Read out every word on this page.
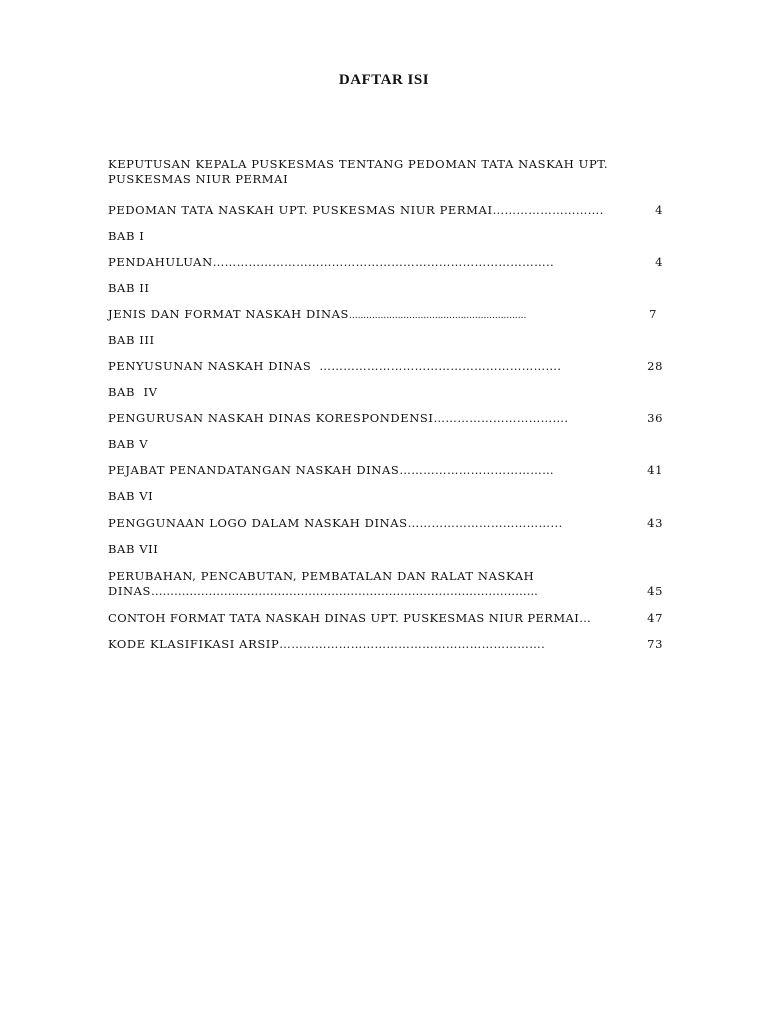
DAFTAR ISI
KEPUTUSAN KEPALA PUSKESMAS TENTANG PEDOMAN TATA NASKAH UPT.
PUSKESMAS NIUR PERMAI
PEDOMAN TATA NASKAH UPT. PUSKESMAS NIUR PERMAI……………………….	4
BAB I
PENDAHULUAN…………………………………………………………………………..	4
BAB II
JENIS DAN FORMAT NASKAH DINAS..............................................................	7
BAB III
PENYUSUNAN NASKAH DINAS  …………………………………………………….	28
BAB  IV
PENGURUSAN NASKAH DINAS KORESPONDENSI…………………………….	36
BAB V
PEJABAT PENANDATANGAN NASKAH DINAS…………………………………	41
BAB VI
PENGGUNAAN LOGO DALAM NASKAH DINAS………………………………...	43
BAB VII
PERUBAHAN, PENCABUTAN, PEMBATALAN DAN RALAT NASKAH
DINAS………………………………………………………………………………………..	45
CONTOH FORMAT TATA NASKAH DINAS UPT. PUSKESMAS NIUR PERMAI…	47
KODE KLASIFIKASI ARSIP………………………………………………………….	73
